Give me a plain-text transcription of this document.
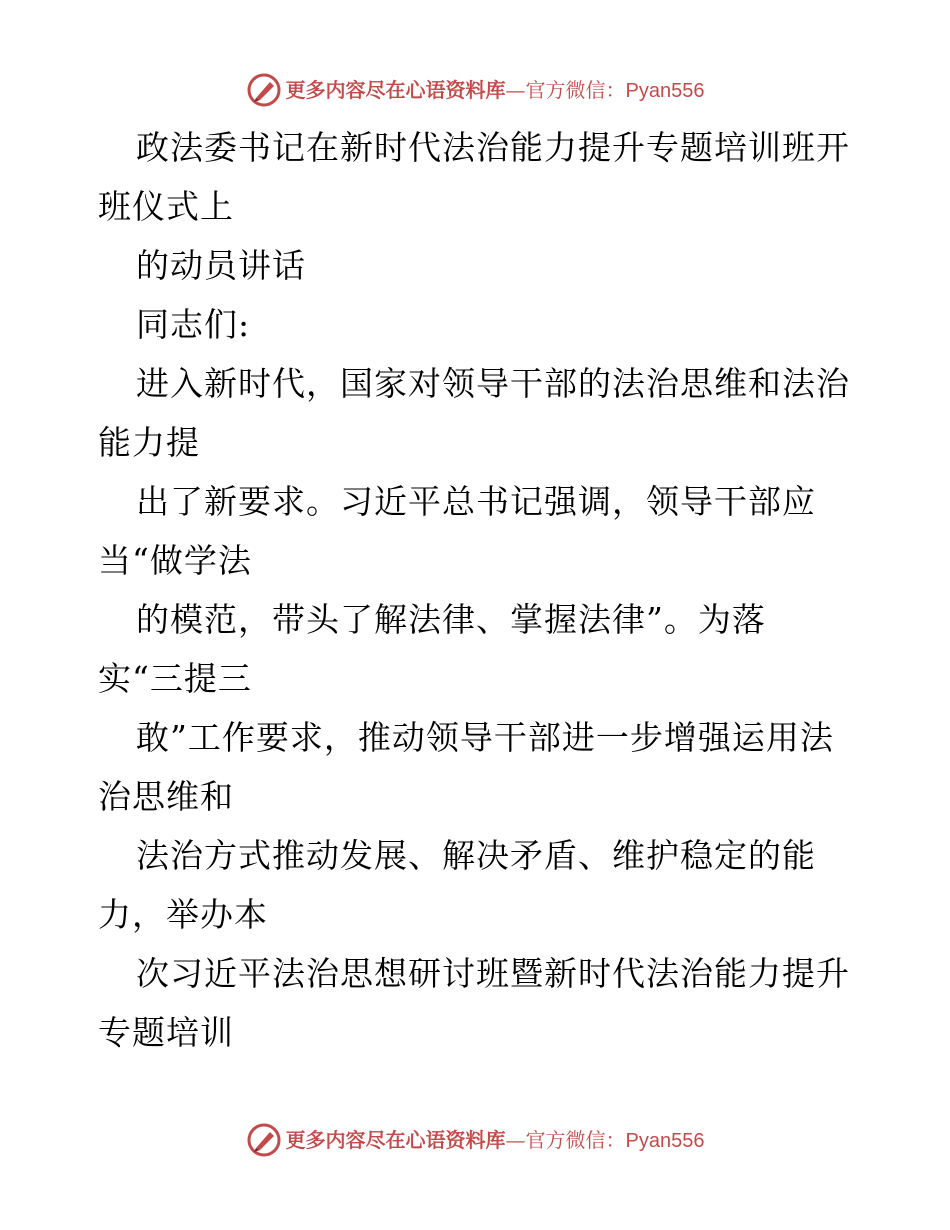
更多内容尽在心语资料库—官方微信：Pyan556
政法委书记在新时代法治能力提升专题培训班开
班仪式上
的动员讲话
同志们:
进入新时代，国家对领导干部的法治思维和法治
能力提
出了新要求。习近平总书记强调，领导干部应
当“做学法
的模范，带头了解法律、掌握法律”。为落
实“三提三
敢”工作要求，推动领导干部进一步增强运用法
治思维和
法治方式推动发展、解决矛盾、维护稳定的能
力，举办本
次习近平法治思想研讨班暨新时代法治能力提升
专题培训
更多内容尽在心语资料库—官方微信：Pyan556
